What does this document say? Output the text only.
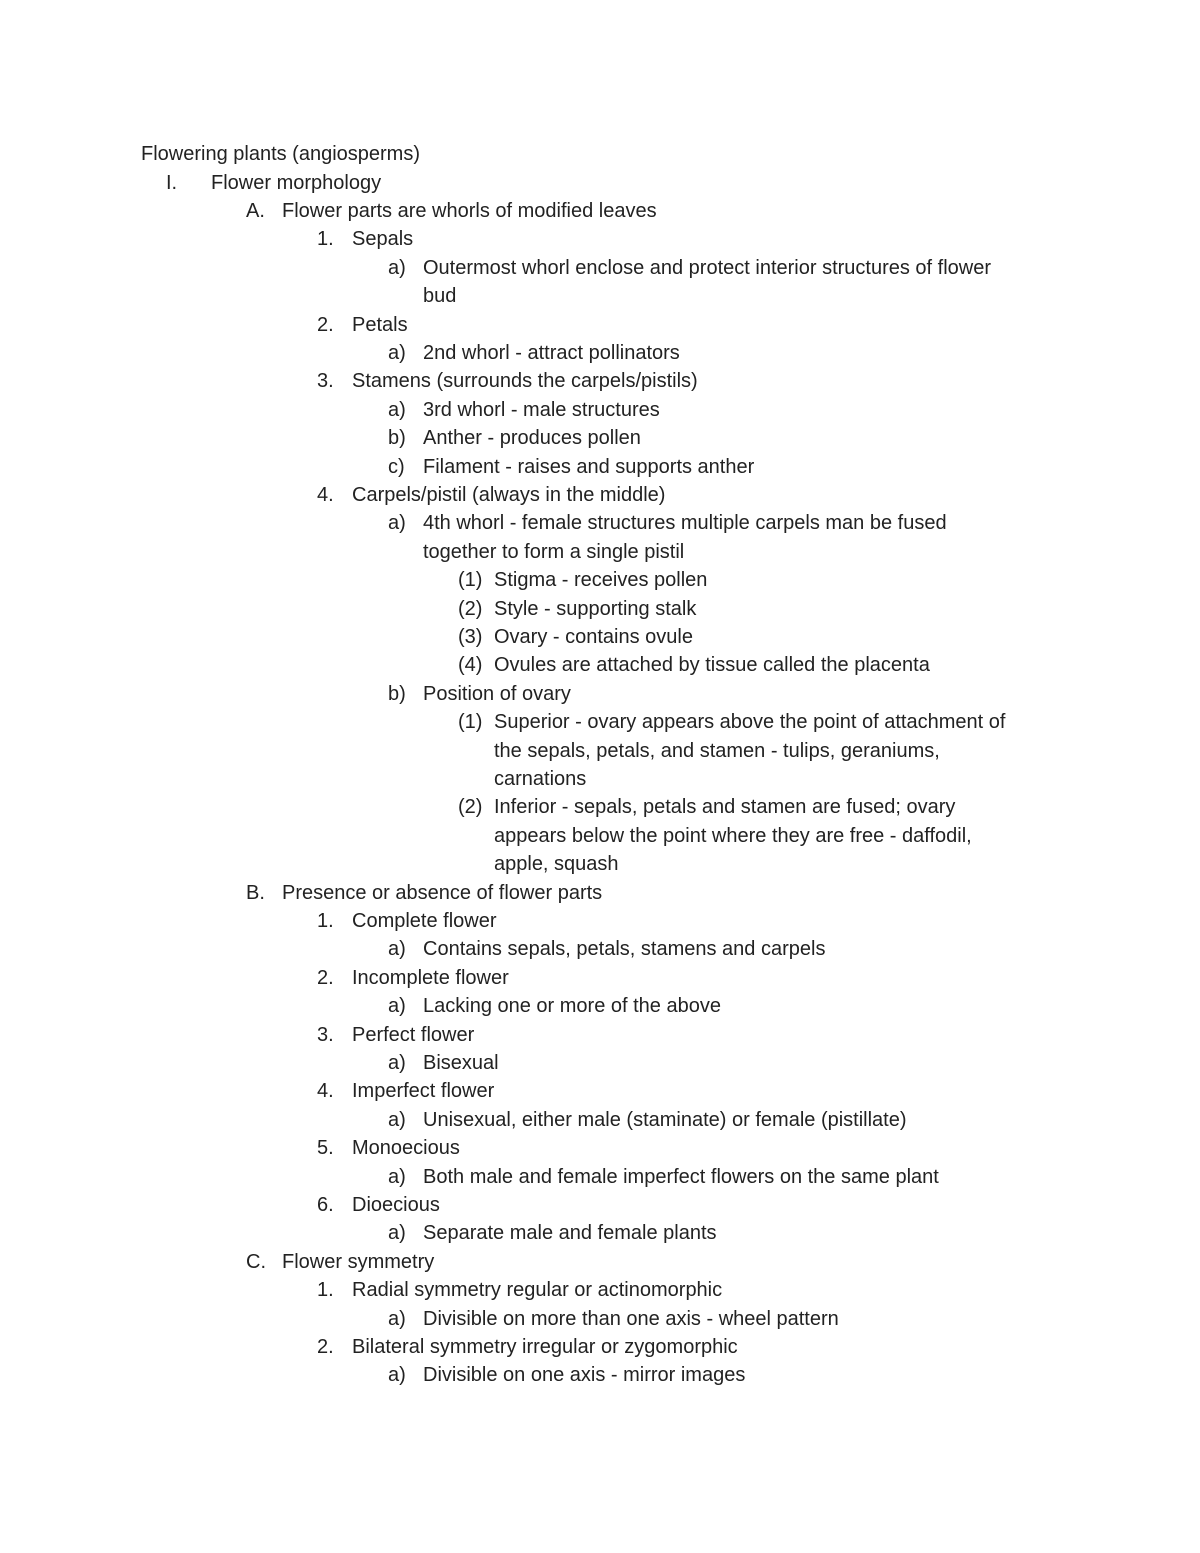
Flowering plants (angiosperms)
I. Flower morphology
A. Flower parts are whorls of modified leaves
1. Sepals
a) Outermost whorl enclose and protect interior structures of flower
bud
2. Petals
a) 2nd whorl - attract pollinators
3. Stamens (surrounds the carpels/pistils)
a) 3rd whorl - male structures
b) Anther - produces pollen
c) Filament - raises and supports anther
4. Carpels/pistil (always in the middle)
a) 4th whorl - female structures multiple carpels man be fused
together to form a single pistil
(1) Stigma - receives pollen
(2) Style - supporting stalk
(3) Ovary - contains ovule
(4) Ovules are attached by tissue called the placenta
b) Position of ovary
(1) Superior - ovary appears above the point of attachment of
the sepals, petals, and stamen - tulips, geraniums,
carnations
(2) Inferior - sepals, petals and stamen are fused; ovary
appears below the point where they are free - daffodil,
apple, squash
B. Presence or absence of flower parts
1. Complete flower
a) Contains sepals, petals, stamens and carpels
2. Incomplete flower
a) Lacking one or more of the above
3. Perfect flower
a) Bisexual
4. Imperfect flower
a) Unisexual, either male (staminate) or female (pistillate)
5. Monoecious
a) Both male and female imperfect flowers on the same plant
6. Dioecious
a) Separate male and female plants
C. Flower symmetry
1. Radial symmetry regular or actinomorphic
a) Divisible on more than one axis - wheel pattern
2. Bilateral symmetry irregular or zygomorphic
a) Divisible on one axis - mirror images
